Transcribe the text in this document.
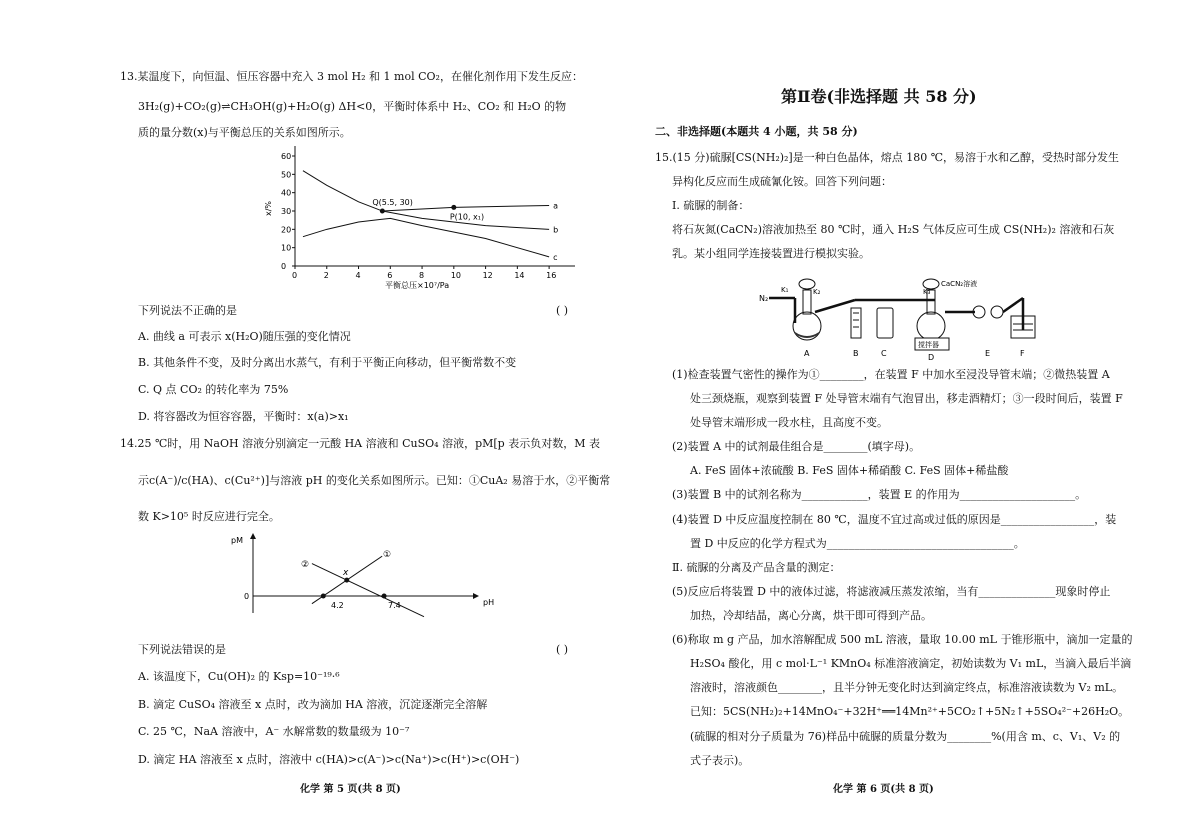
13.某温度下，向恒温、恒压容器中充入 3 mol H₂ 和 1 mol CO₂，在催化剂作用下发生反应：
3H₂(g)+CO₂(g)⇌CH₃OH(g)+H₂O(g) ΔH<0，平衡时体系中 H₂、CO₂ 和 H₂O 的物
质的量分数(x)与平衡总压的关系如图所示。
0
10
20
30
40
50
60
0	2	4	6	8	10	12	14	16
a
b
c
Q(5.5, 30)
P(10, x₁)
x/%
平衡总压×10⁷/Pa
下列说法不正确的是	( )
A. 曲线 a 可表示 x(H₂O)随压强的变化情况
B. 其他条件不变，及时分离出水蒸气，有利于平衡正向移动，但平衡常数不变
C. Q 点 CO₂ 的转化率为 75%
D. 将容器改为恒容容器，平衡时：x(a)>x₁
14.25 ℃时，用 NaOH 溶液分别滴定一元酸 HA 溶液和 CuSO₄ 溶液，pM[p 表示负对数，M 表
示c(A⁻)/c(HA)、c(Cu²⁺)]与溶液 pH 的变化关系如图所示。已知：①CuA₂ 易溶于水，②平衡常
数 K>10⁵ 时反应进行完全。
pM
0
pH
①
②
x
4.2	7.4
下列说法错误的是	( )
A. 该温度下，Cu(OH)₂ 的 Ksp=10⁻¹⁹·⁶
B. 滴定 CuSO₄ 溶液至 x 点时，改为滴加 HA 溶液，沉淀逐渐完全溶解
C. 25 ℃，NaA 溶液中，A⁻ 水解常数的数量级为 10⁻⁷
D. 滴定 HA 溶液至 x 点时，溶液中 c(HA)>c(A⁻)>c(Na⁺)>c(H⁺)>c(OH⁻)
化学 第 5 页(共 8 页)
第Ⅱ卷(非选择题 共 58 分)
二、非选择题(本题共 4 小题，共 58 分)
15.(15 分)硫脲[CS(NH₂)₂]是一种白色晶体，熔点 180 ℃，易溶于水和乙醇，受热时部分发生
异构化反应而生成硫氰化铵。回答下列问题：
Ⅰ. 硫脲的制备：
将石灰氮(CaCN₂)溶液加热至 80 ℃时，通入 H₂S 气体反应可生成 CS(NH₂)₂ 溶液和石灰
乳。某小组同学连接装置进行模拟实验。
N₂
K₁	K₂	K₃
CaCN₂溶液
搅拌器
A	B	C	D	E	F
(1)检查装置气密性的操作为①________，在装置 F 中加水至浸没导管末端；②微热装置 A
处三颈烧瓶，观察到装置 F 处导管末端有气泡冒出，移走酒精灯；③一段时间后，装置 F
处导管末端形成一段水柱，且高度不变。
(2)装置 A 中的试剂最佳组合是________(填字母)。
A. FeS 固体+浓硫酸 B. FeS 固体+稀硝酸 C. FeS 固体+稀盐酸
(3)装置 B 中的试剂名称为____________，装置 E 的作用为_____________________。
(4)装置 D 中反应温度控制在 80 ℃，温度不宜过高或过低的原因是_________________，装
置 D 中反应的化学方程式为__________________________________。
Ⅱ. 硫脲的分离及产品含量的测定：
(5)反应后将装置 D 中的液体过滤，将滤液减压蒸发浓缩，当有______________现象时停止
加热，冷却结晶，离心分离，烘干即可得到产品。
(6)称取 m g 产品，加水溶解配成 500 mL 溶液，量取 10.00 mL 于锥形瓶中，滴加一定量的
H₂SO₄ 酸化，用 c mol·L⁻¹ KMnO₄ 标准溶液滴定，初始读数为 V₁ mL，当滴入最后半滴
溶液时，溶液颜色________，且半分钟无变化时达到滴定终点，标准溶液读数为 V₂ mL。
已知：5CS(NH₂)₂+14MnO₄⁻+32H⁺══14Mn²⁺+5CO₂↑+5N₂↑+5SO₄²⁻+26H₂O。
(硫脲的相对分子质量为 76)样品中硫脲的质量分数为________%(用含 m、c、V₁、V₂ 的
式子表示)。
化学 第 6 页(共 8 页)
